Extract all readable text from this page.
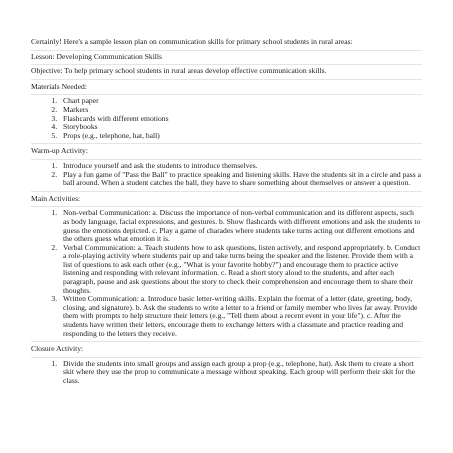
Certainly! Here's a sample lesson plan on communication skills for primary school students in rural areas:

Lesson: Developing Communication Skills

Objective: To help primary school students in rural areas develop effective communication skills.

Materials Needed:
1. Chart paper
2. Markers
3. Flashcards with different emotions
4. Storybooks
5. Props (e.g., telephone, hat, ball)
Warm-up Activity:
1. Introduce yourself and ask the students to introduce themselves.
2. Play a fun game of "Pass the Ball" to practice speaking and listening skills. Have the students sit in a circle and pass a ball around. When a student catches the ball, they have to share something about themselves or answer a question.
Main Activities:
1. Non-verbal Communication: a. Discuss the importance of non-verbal communication and its different aspects, such as body language, facial expressions, and gestures. b. Show flashcards with different emotions and ask the students to guess the emotions depicted. c. Play a game of charades where students take turns acting out different emotions and the others guess what emotion it is.
2. Verbal Communication: a. Teach students how to ask questions, listen actively, and respond appropriately. b. Conduct a role-playing activity where students pair up and take turns being the speaker and the listener. Provide them with a list of questions to ask each other (e.g., "What is your favorite hobby?") and encourage them to practice active listening and responding with relevant information. c. Read a short story aloud to the students, and after each paragraph, pause and ask questions about the story to check their comprehension and encourage them to share their thoughts.
3. Written Communication: a. Introduce basic letter-writing skills. Explain the format of a letter (date, greeting, body, closing, and signature). b. Ask the students to write a letter to a friend or family member who lives far away. Provide them with prompts to help structure their letters (e.g., "Tell them about a recent event in your life"). c. After the students have written their letters, encourage them to exchange letters with a classmate and practice reading and responding to the letters they receive.
Closure Activity:
1. Divide the students into small groups and assign each group a prop (e.g., telephone, hat). Ask them to create a short skit where they use the prop to communicate a message without speaking. Each group will perform their skit for the class.
